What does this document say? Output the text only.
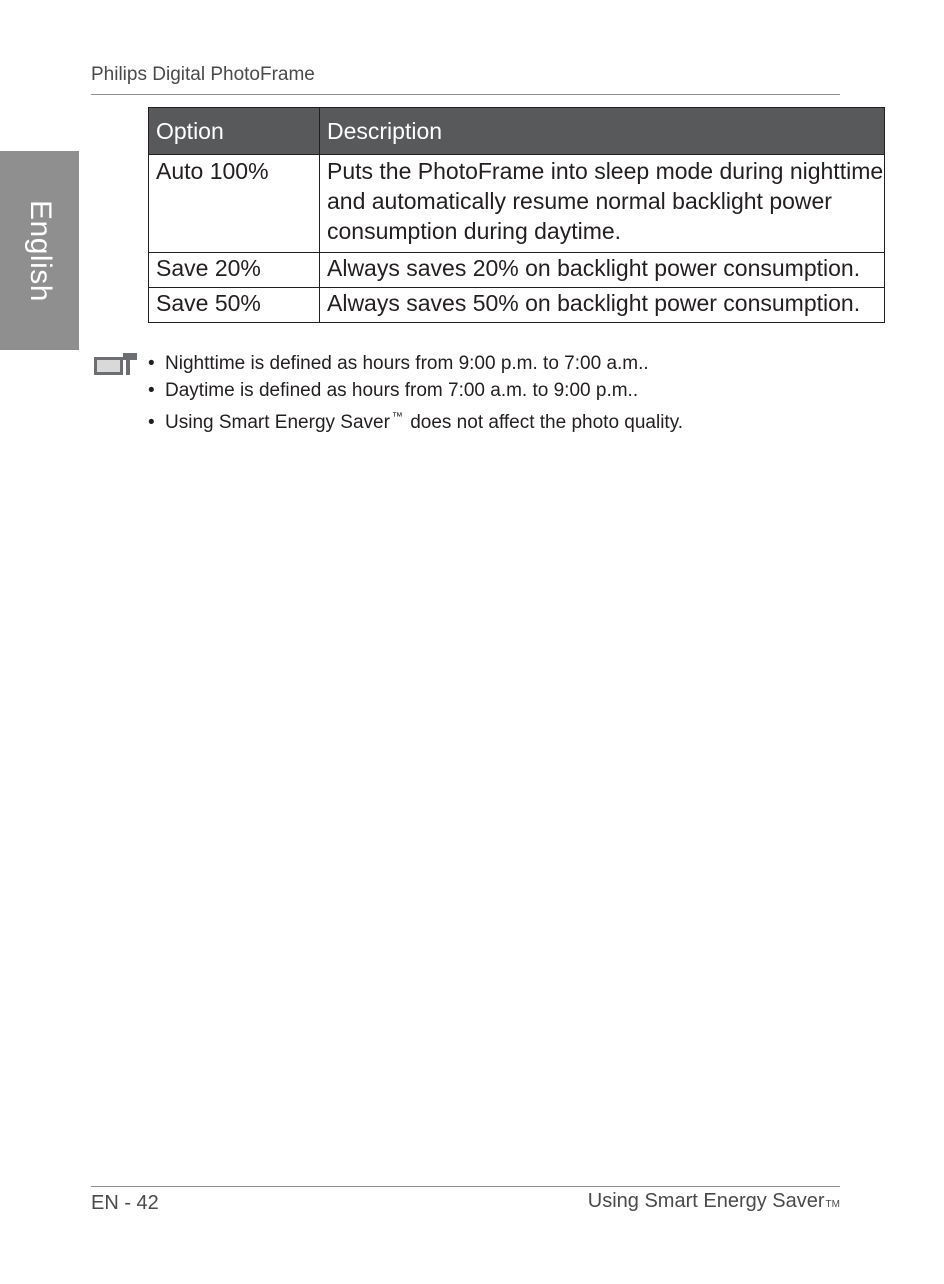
Philips Digital PhotoFrame
English
Option	Description
Auto 100%	Puts the PhotoFrame into sleep mode during nighttime and automatically resume normal backlight power consumption during daytime.
Save 20%	Always saves 20% on backlight power consumption.
Save 50%	Always saves 50% on backlight power consumption.
• Nighttime is defined as hours from 9:00 p.m. to 7:00 a.m..
• Daytime is defined as hours from 7:00 a.m. to 9:00 p.m..
• Using Smart Energy Saver ™ does not affect the photo quality.
EN - 42	Using Smart Energy SaverTM
